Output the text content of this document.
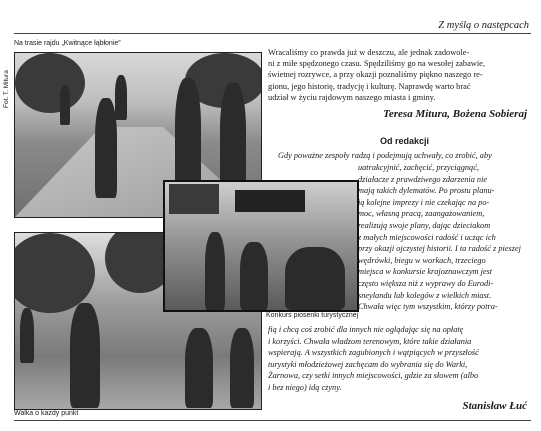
Z myślą o następcach
Na trasie rajdu „Kwitnące łąbłonie”
Fot. T. Mitura
Walka o każdy punkt
Konkurs piosenki turystycznej
Wracaliśmy co prawda już w deszczu, ale jednak zadowole-
ni z miłe spędzonego czasu. Spędziliśmy go na wesołej zabawie,
świetnej rozrywce, a przy okazji poznaliśmy piękno naszego re-
gionu, jego historię, tradycję i kulturę. Naprawdę warto brać
udział w życiu rajdowym naszego miasta i gminy.
Teresa Mitura, Bożena Sobieraj
Od redakcji
Gdy poważne zespoły radzą i podejmują uchwały, co zrobić, aby
uatrakcyjnić, zachęcić, przyciągnąć,
działacze z prawdziwego zdarzenia nie
mają takich dylematów. Po prostu planu-
ją kolejne imprezy i nie czekając na po-
moc, własną pracą, zaangażowaniem,
realizują swoje plany, dając dzieciakom
z małych miejscowości radość i ucząc ich
przy okazji ojczystej historii. I ta radość z pieszej
wędrówki, biegu w workach, trzeciego
miejsca w konkursie krajoznawczym jest
często większa niż z wyprawy do Eurodi-
sneylandu lub kolegów z wielkich miast.
Chwała więc tym wszystkim, którzy potra-
fią i chcą coś zrobić dla innych nie oglądając się na opłatę
i korzyści. Chwała władzom terenowym, które takie działania
wspierają. A wszystkich zagubionych i wątpiących w przyszłość
turystyki młodzieżowej zachęcam do wybrania się do Warki,
Żarnowa, czy setki innych miejscowości, gdzie za słowem (albo
i bez niego) idą czyny.
Stanisław Łuć
